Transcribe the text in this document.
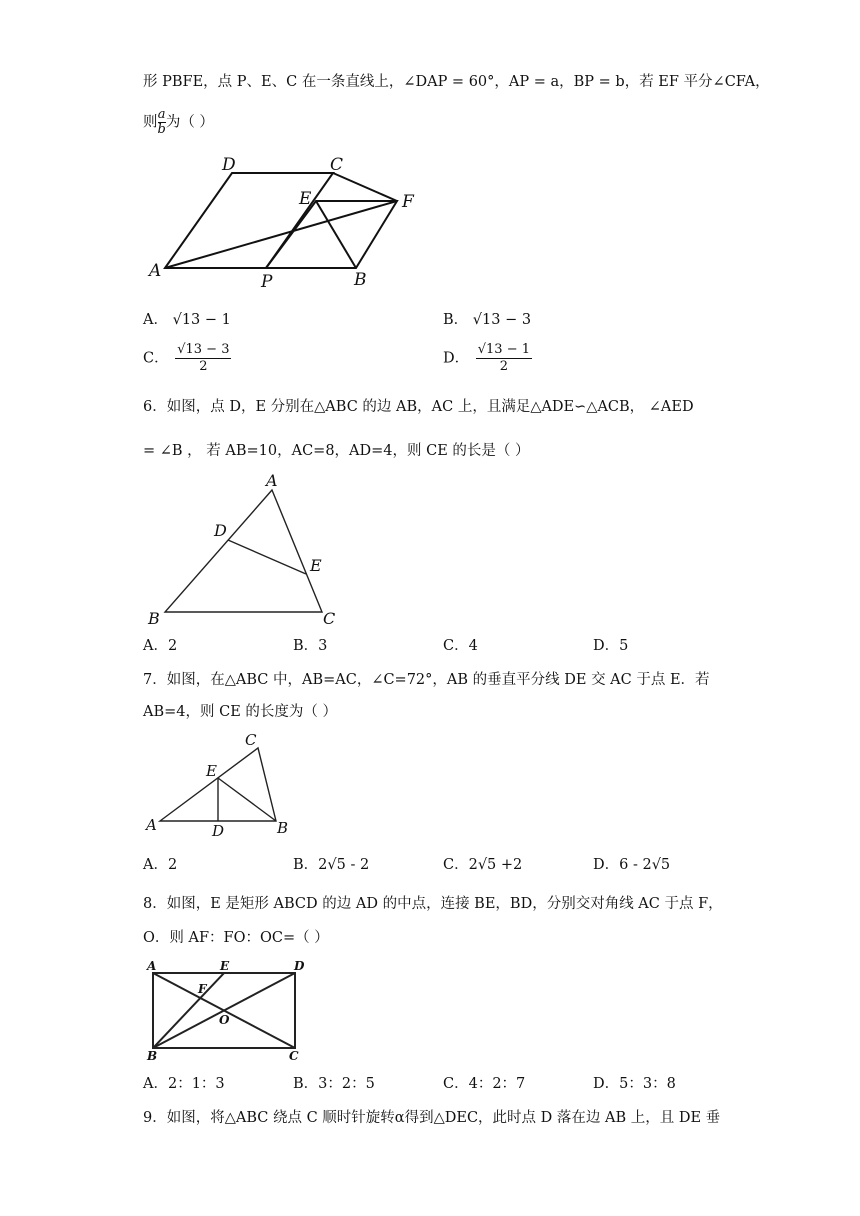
形 PBFE，点 P、E、C 在一条直线上，∠DAP = 60°，AP = a，BP = b，若 EF 平分∠CFA，
则 $\frac{a}{b}$ 为（ ）
A
D	C
E	F
P	B
A． √13 − 1	B． √13 − 3
C． $\frac{√13 - 3}{2}$	D． $\frac{√13 - 1}{2}$
6．如图，点 D，E 分别在△ABC 的边 AB，AC 上，且满足△ADE∽△ACB， ∠AED
= ∠B ， 若 AB=10，AC=8，AD=4，则 CE 的长是（ ）
A
D
E
B	C
A．2	B．3	C．4	D．5
7．如图，在△ABC 中，AB=AC，∠C=72°，AB 的垂直平分线 DE 交 AC 于点 E．若
AB=4，则 CE 的长度为（ ）
C
E
A	D	B
A．2	B．2√5 ‑ 2	C．2√5 +2	D．6 ‑ 2√5
8．如图，E 是矩形 ABCD 的边 AD 的中点，连接 BE，BD，分别交对角线 AC 于点 F，
O．则 AF：FO：OC=（ ）
A	E	D
F
O
B	C
A．2：1：3	B．3：2：5	C．4：2：7	D．5：3：8
9．如图，将△ABC 绕点 C 顺时针旋转α得到△DEC，此时点 D 落在边 AB 上，且 DE 垂
